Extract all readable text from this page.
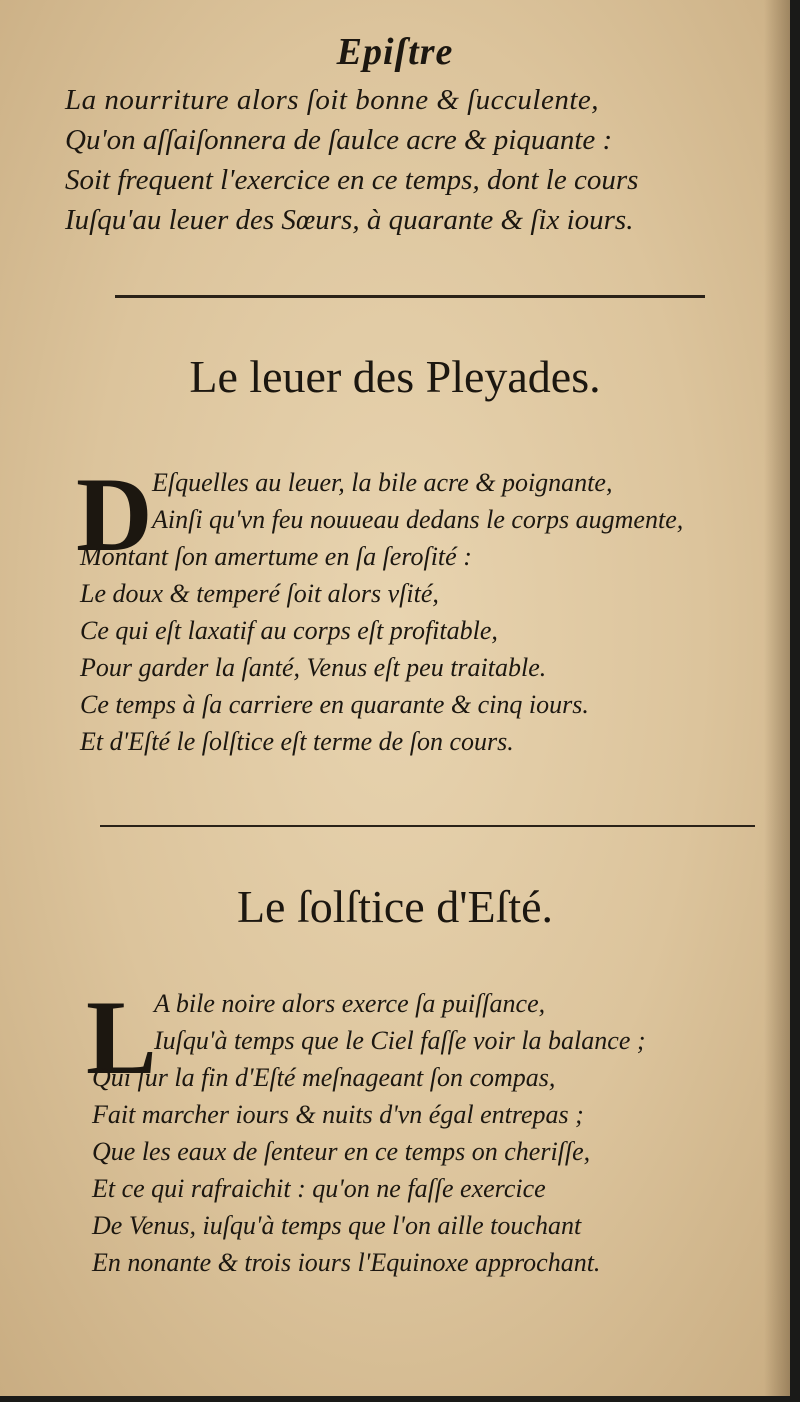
Epiſtre
La nourriture alors ſoit bonne & ſucculente,
Qu'on aſſaiſonnera de ſaulce acre & piquante :
Soit frequent l'exercice en ce temps, dont le cours
Iuſqu'au leuer des Sœurs, à quarante & ſix iours.
Le leuer des Pleyades.
D Eſquelles au leuer, la bile acre & poignante,
Ainſi qu'vn feu nouueau dedans le corps augmente,
Montant ſon amertume en ſa ſeroſité :
Le doux & temperé ſoit alors vſité,
Ce qui eſt laxatif au corps eſt profitable,
Pour garder la ſanté, Venus eſt peu traitable.
Ce temps à ſa carriere en quarante & cinq iours.
Et d'Eſté le ſolſtice eſt terme de ſon cours.
Le ſolſtice d'Eſté.
L
A bile noire alors exerce ſa puiſſance,
Iuſqu'à temps que le Ciel faſſe voir la balance ;
Qui ſur la fin d'Eſté meſnageant ſon compas,
Fait marcher iours & nuits d'vn égal entrepas ;
Que les eaux de ſenteur en ce temps on cheriſſe,
Et ce qui rafraichit : qu'on ne faſſe exercice
De Venus, iuſqu'à temps que l'on aille touchant
En nonante & trois iours l'Equinoxe approchant.
